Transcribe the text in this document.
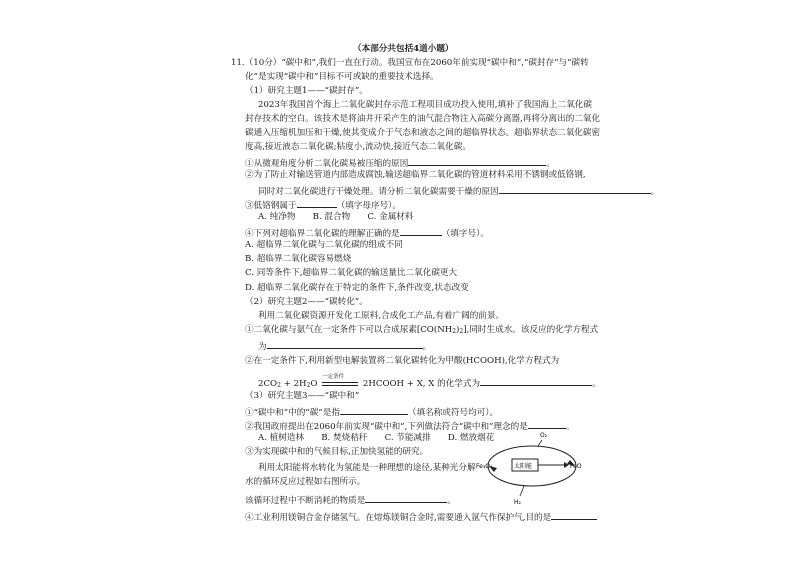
（本部分共包括4道小题）
11.（10分）“碳中和”,我们一直在行动。我国宣布在2060年前实现“碳中和”,“碳封存”与“碳转
化”是实现“碳中和”目标不可或缺的重要技术选择。
（1）研究主题1——“碳封存”。
2023年我国首个海上二氧化碳封存示范工程项目成功投入使用,填补了我国海上二氧化碳
封存技术的空白。该技术是将油井开采产生的油气混合物注入高碳分离器,再将分离出的二氧化
碳通入压缩机加压和干燥,使其变成介于气态和液态之间的超临界状态。超临界状态二氧化碳密
度高,接近液态二氧化碳;粘度小,流动快,接近气态二氧化碳。
①从微观角度分析二氧化碳易被压缩的原因	。
②为了防止对输送管道内部造成腐蚀,输送超临界二氧化碳的管道材料采用不锈钢或低铬钢,
同时对二氧化碳进行干燥处理。请分析二氧化碳需要干燥的原因	。
③低铬钢属于	（填字母序号）。
A. 纯净物　　B. 混合物　　C. 金属材料
④下列对超临界二氧化碳的理解正确的是	（填字号）。
A. 超临界二氧化碳与二氧化碳的组成不同
B. 超临界二氧化碳容易燃烧
C. 同等条件下,超临界二氧化碳的输送量比二氧化碳更大
D. 超临界二氧化碳存在于特定的条件下,条件改变,状态改变
（2）研究主题2——“碳转化”。
利用二氧化碳资源开发化工原料,合成化工产品,有着广阔的前景。
①二氧化碳与氨气在一定条件下可以合成尿素[CO(NH2)2],同时生成水。该反应的化学方程式
为	。
②在一定条件下,利用新型电解装置将二氧化碳转化为甲酸(HCOOH),化学方程式为
2CO2 + 2H2O
一定条件
2HCOOH + X, X 的化学式为	。
（3）研究主题3——“碳中和”
①“碳中和”中的“碳”是指	（填名称或符号均可）。
②我国政府提出在2060年前实现“碳中和”,下列做法符合“碳中和”理念的是	。
A. 植树造林　　B. 焚烧秸秆　　C. 节能减排　　D. 燃放烟花
③为实现碳中和的气候目标,正加快氢能的研究。
利用太阳能将水转化为氢能是一种理想的途径,某种光分解
水的循环反应过程如右图所示。
该循环过程中不断消耗的物质是	。
④工业利用镁铜合金存储氢气。在熔炼镁铜合金时,需要通入氩气作保护气,目的是
Fe₃O₄	太阳能	FeO
O₂
H₂
